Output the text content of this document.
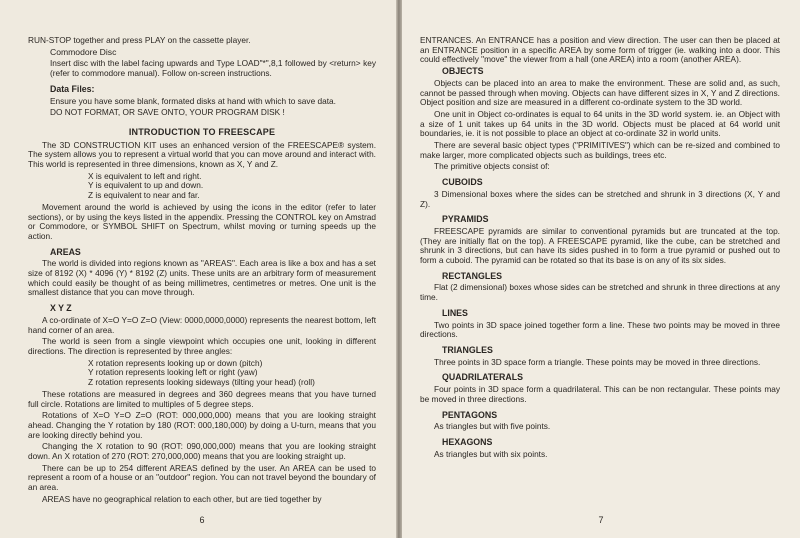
RUN-STOP together and press PLAY on the cassette player.

Commodore Disc

Insert disc with the label facing upwards and Type LOAD"*",8,1 followed by <return> key (refer to commodore manual). Follow on-screen instructions.

Data Files:

Ensure you have some blank, formated disks at hand with which to save data.

DO NOT FORMAT, OR SAVE ONTO, YOUR PROGRAM DISK !

INTRODUCTION TO FREESCAPE

The 3D CONSTRUCTION KIT uses an enhanced version of the FREESCAPE® system. The system allows you to represent a virtual world that you can move around and interact with. This world is represented in three dimensions, known as X, Y and Z.

X is equivalent to left and right.
Y is equivalent to up and down.
Z is equivalent to near and far.

Movement around the world is achieved by using the icons in the editor (refer to later sections), or by using the keys listed in the appendix. Pressing the CONTROL key on Amstrad or Commodore, or SYMBOL SHIFT on Spectrum, whilst moving or turning speeds up the action.

AREAS

The world is divided into regions known as "AREAS". Each area is like a box and has a set size of 8192 (X) * 4096 (Y) * 8192 (Z) units. These units are an arbitrary form of measurement which could easily be thought of as being millimetres, centimetres or metres. One unit is the smallest distance that you can move through.

X Y Z

A co-ordinate of X=O Y=O Z=O (View: 0000,0000,0000) represents the nearest bottom, left hand corner of an area.

The world is seen from a single viewpoint which occupies one unit, looking in different directions. The direction is represented by three angles:

X rotation represents looking up or down (pitch)
Y rotation represents looking left or right (yaw)
Z rotation represents looking sideways (tilting your head) (roll)

These rotations are measured in degrees and 360 degrees means that you have turned full circle. Rotations are limited to multiples of 5 degree steps.

Rotations of X=O Y=O Z=O (ROT: 000,000,000) means that you are looking straight ahead. Changing the Y rotation by 180 (ROT: 000,180,000) by doing a U-turn, means that you are looking directly behind you.

Changing the X rotation to 90 (ROT: 090,000,000) means that you are looking straight down. An X rotation of 270 (ROT: 270,000,000) means that you are looking straight up.

There can be up to 254 different AREAS defined by the user. An AREA can be used to represent a room of a house or an "outdoor" region. You can not travel beyond the boundary of an area.

AREAS have no geographical relation to each other, but are tied together by

6

ENTRANCES. An ENTRANCE has a position and view direction. The user can then be placed at an ENTRANCE position in a specific AREA by some form of trigger (ie. walking into a door. This could effectively "move" the viewer from a hall (one AREA) into a room (another AREA).

OBJECTS

Objects can be placed into an area to make the environment. These are solid and, as such, cannot be passed through when moving. Objects can have different sizes in X, Y and Z directions. Object position and size are measured in a different co-ordinate system to the 3D world.

One unit in Object co-ordinates is equal to 64 units in the 3D world system. ie. an Object with a size of 1 unit takes up 64 units in the 3D world. Objects must be placed at 64 world unit boundaries, ie. it is not possible to place an object at co-ordinate 32 in world units.

There are several basic object types ("PRIMITIVES") which can be re-sized and combined to make larger, more complicated objects such as buildings, trees etc.

The primitive objects consist of:

CUBOIDS

3 Dimensional boxes where the sides can be stretched and shrunk in 3 directions (X, Y and Z).

PYRAMIDS

FREESCAPE pyramids are similar to conventional pyramids but are truncated at the top. (They are initially flat on the top). A FREESCAPE pyramid, like the cube, can be stretched and shrunk in 3 directions, but can have its sides pushed in to form a true pyramid or pushed out to form a cuboid. The pyramid can be rotated so that its base is on any of its six sides.

RECTANGLES

Flat (2 dimensional) boxes whose sides can be stretched and shrunk in three directions at any time.

LINES

Two points in 3D space joined together form a line. These two points may be moved in three directions.

TRIANGLES

Three points in 3D space form a triangle. These points may be moved in three directions.

QUADRILATERALS

Four points in 3D space form a quadrilateral. This can be non rectangular. These points may be moved in three directions.

PENTAGONS

As triangles but with five points.

HEXAGONS

As triangles but with six points.

7
